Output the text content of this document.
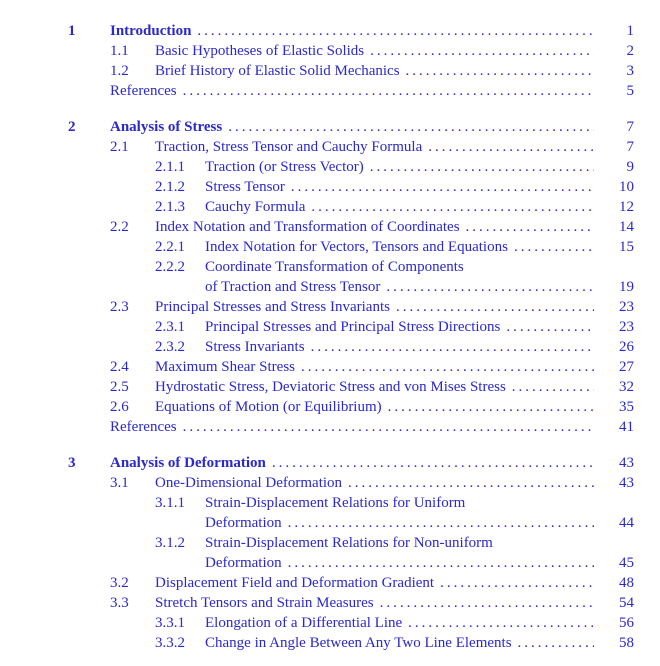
1	Introduction .....	1
1.1	Basic Hypotheses of Elastic Solids .....	2
1.2	Brief History of Elastic Solid Mechanics .....	3
References .....	5
2	Analysis of Stress .....	7
2.1	Traction, Stress Tensor and Cauchy Formula .....	7
2.1.1	Traction (or Stress Vector) .....	9
2.1.2	Stress Tensor .....	10
2.1.3	Cauchy Formula .....	12
2.2	Index Notation and Transformation of Coordinates .....	14
2.2.1	Index Notation for Vectors, Tensors and Equations .....	15
2.2.2	Coordinate Transformation of Components
of Traction and Stress Tensor .....	19
2.3	Principal Stresses and Stress Invariants .....	23
2.3.1	Principal Stresses and Principal Stress Directions .....	23
2.3.2	Stress Invariants .....	26
2.4	Maximum Shear Stress .....	27
2.5	Hydrostatic Stress, Deviatoric Stress and von Mises Stress .....	32
2.6	Equations of Motion (or Equilibrium) .....	35
References .....	41
3	Analysis of Deformation .....	43
3.1	One-Dimensional Deformation .....	43
3.1.1	Strain-Displacement Relations for Uniform
Deformation .....	44
3.1.2	Strain-Displacement Relations for Non-uniform
Deformation .....	45
3.2	Displacement Field and Deformation Gradient .....	48
3.3	Stretch Tensors and Strain Measures .....	54
3.3.1	Elongation of a Differential Line .....	56
3.3.2	Change in Angle Between Any Two Line Elements .....	58
